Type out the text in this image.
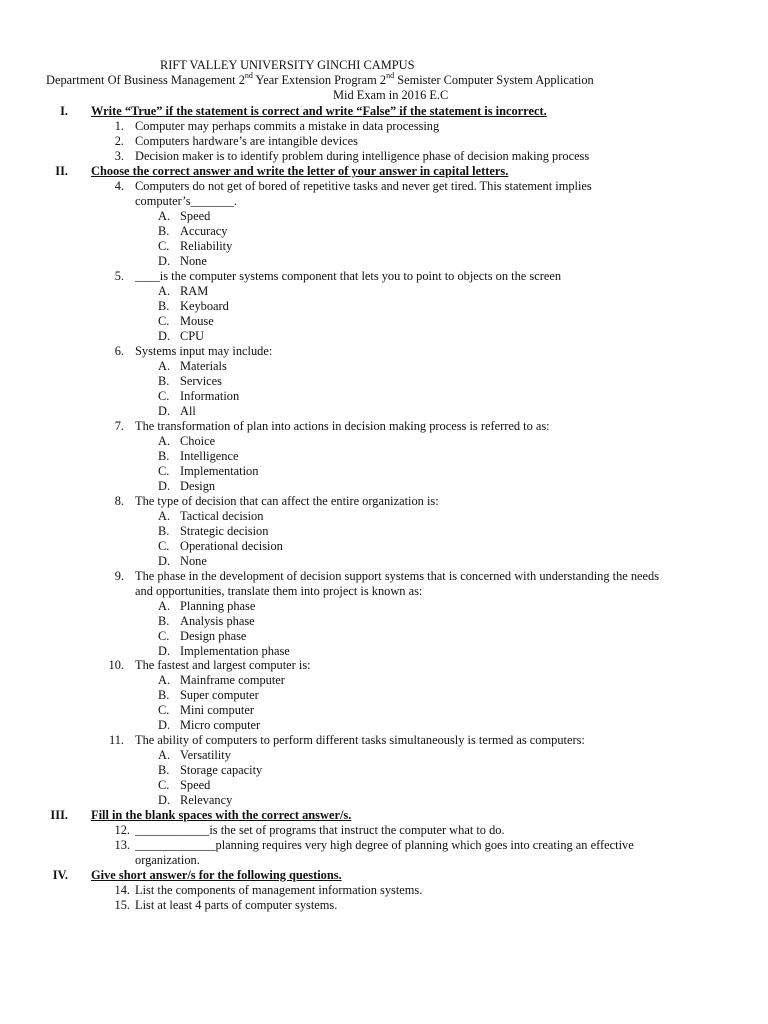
RIFT VALLEY UNIVERSITY GINCHI CAMPUS
Department Of Business Management 2nd Year Extension Program 2nd Semister Computer System Application
Mid Exam in 2016 E.C
I. Write “True” if the statement is correct and write “False” if the statement is incorrect.
1. Computer may perhaps commits a mistake in data processing
2. Computers hardware’s are intangible devices
3. Decision maker is to identify problem during intelligence phase of decision making process
II. Choose the correct answer and write the letter of your answer in capital letters.
4. Computers do not get of bored of repetitive tasks and never get tired. This statement implies
computer’s_______.
A. Speed
B. Accuracy
C. Reliability
D. None
5. ____is the computer systems component that lets you to point to objects on the screen
A. RAM
B. Keyboard
C. Mouse
D. CPU
6. Systems input may include:
A. Materials
B. Services
C. Information
D. All
7. The transformation of plan into actions in decision making process is referred to as:
A. Choice
B. Intelligence
C. Implementation
D. Design
8. The type of decision that can affect the entire organization is:
A. Tactical decision
B. Strategic decision
C. Operational decision
D. None
9. The phase in the development of decision support systems that is concerned with understanding the needs
and opportunities, translate them into project is known as:
A. Planning phase
B. Analysis phase
C. Design phase
D. Implementation phase
10. The fastest and largest computer is:
A. Mainframe computer
B. Super computer
C. Mini computer
D. Micro computer
11. The ability of computers to perform different tasks simultaneously is termed as computers:
A. Versatility
B. Storage capacity
C. Speed
D. Relevancy
III. Fill in the blank spaces with the correct answer/s.
12. ____________is the set of programs that instruct the computer what to do.
13. _____________planning requires very high degree of planning which goes into creating an effective
organization.
IV. Give short answer/s for the following questions.
14. List the components of management information systems.
15. List at least 4 parts of computer systems.
